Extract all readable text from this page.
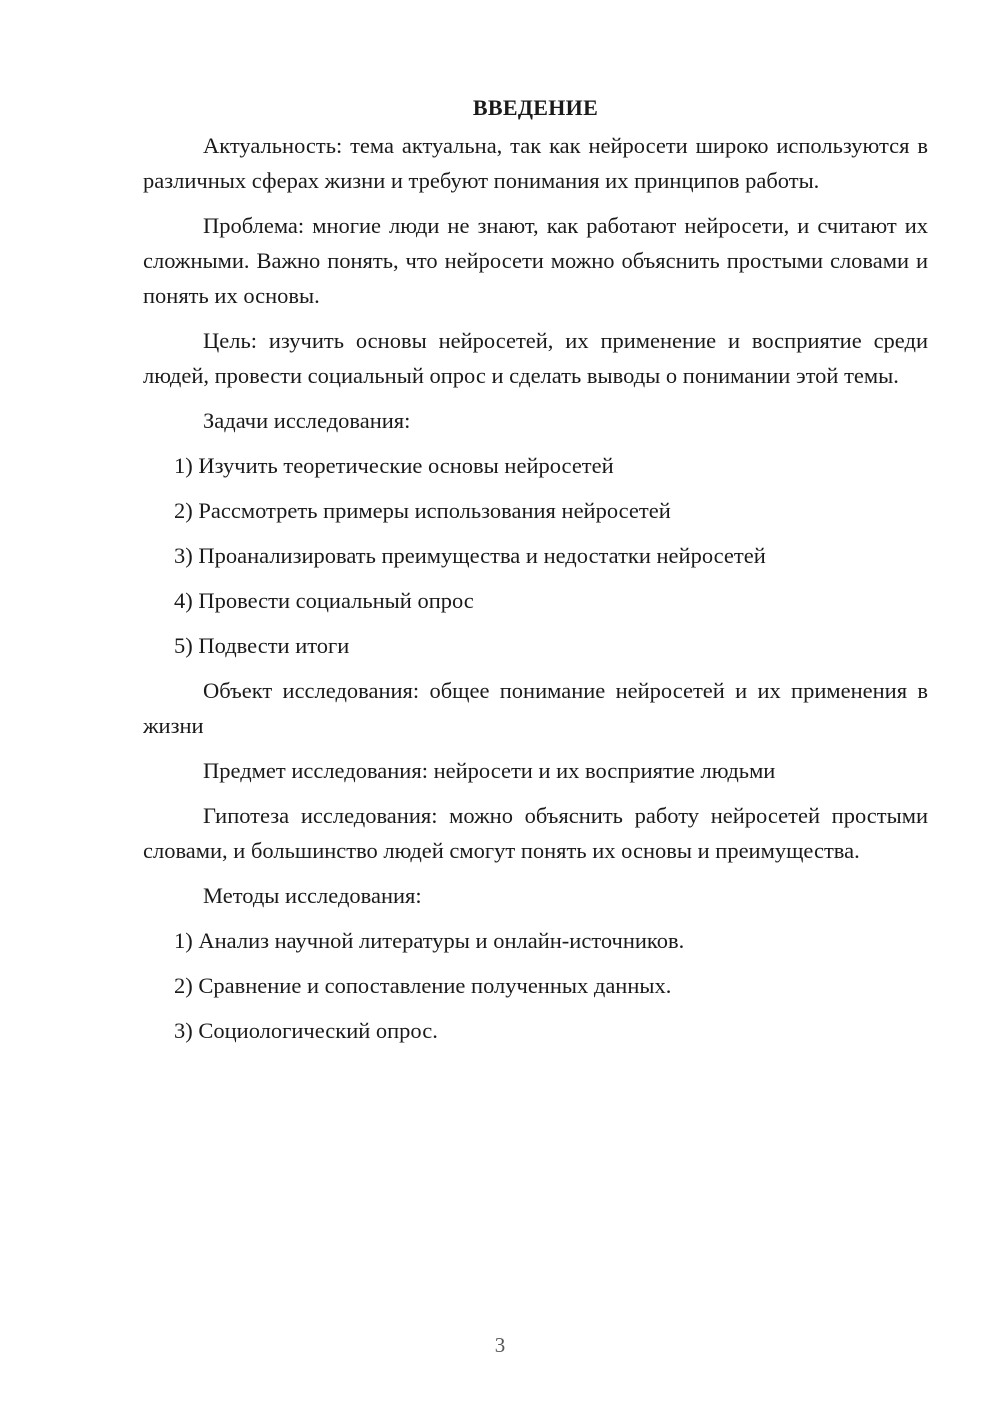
ВВЕДЕНИЕ

Актуальность: тема актуальна, так как нейросети широко используются в различных сферах жизни и требуют понимания их принципов работы.

Проблема: многие люди не знают, как работают нейросети, и считают их сложными. Важно понять, что нейросети можно объяснить простыми словами и понять их основы.

Цель: изучить основы нейросетей, их применение и восприятие среди людей, провести социальный опрос и сделать выводы о понимании этой темы.

Задачи исследования:

1) Изучить теоретические основы нейросетей

2) Рассмотреть примеры использования нейросетей

3) Проанализировать преимущества и недостатки нейросетей

4) Провести социальный опрос

5) Подвести итоги

Объект исследования: общее понимание нейросетей и их применения в жизни

Предмет исследования: нейросети и их восприятие людьми

Гипотеза исследования: можно объяснить работу нейросетей простыми словами, и большинство людей смогут понять их основы и преимущества.

Методы исследования:

1) Анализ научной литературы и онлайн-источников.

2) Сравнение и сопоставление полученных данных.

3) Социологический опрос.

3
